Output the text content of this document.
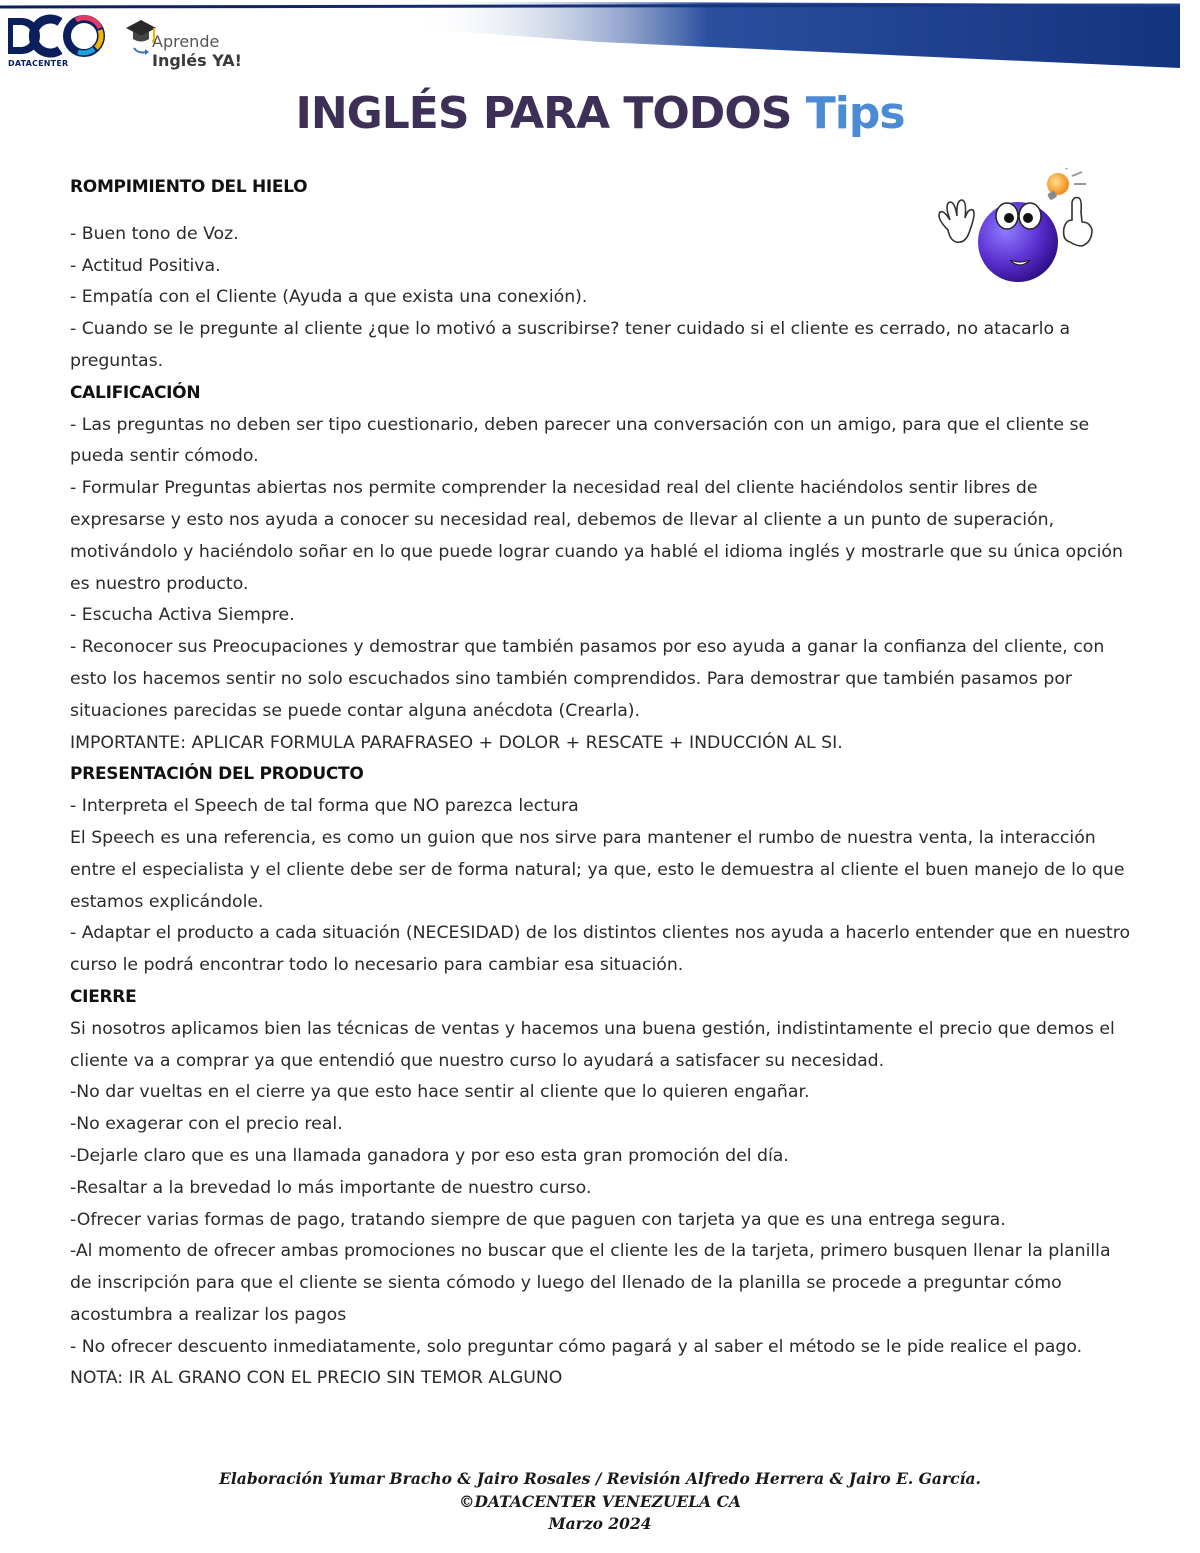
DATACENTER
Aprende
Inglés YA!
INGLÉS PARA TODOS Tips

ROMPIMIENTO DEL HIELO

- Buen tono de Voz.

- Actitud Positiva.

- Empatía con el Cliente (Ayuda a que exista una conexión).

- Cuando se le pregunte al cliente ¿que lo motivó a suscribirse? tener cuidado si el cliente es cerrado, no atacarlo a preguntas.

CALIFICACIÓN

- Las preguntas no deben ser tipo cuestionario, deben parecer una conversación con un amigo, para que el cliente se pueda sentir cómodo.

- Formular Preguntas abiertas nos permite comprender la necesidad real del cliente haciéndolos sentir libres de expresarse y esto nos ayuda a conocer su necesidad real, debemos de llevar al cliente a un punto de superación, motivándolo y haciéndolo soñar en lo que puede lograr cuando ya hablé el idioma inglés y mostrarle que su única opción es nuestro producto.

- Escucha Activa Siempre.

- Reconocer sus Preocupaciones y demostrar que también pasamos por eso ayuda a ganar la confianza del cliente, con esto los hacemos sentir no solo escuchados sino también comprendidos. Para demostrar que también pasamos por situaciones parecidas se puede contar alguna anécdota (Crearla).

IMPORTANTE: APLICAR FORMULA PARAFRASEO + DOLOR + RESCATE + INDUCCIÓN AL SI.

PRESENTACIÓN DEL PRODUCTO

- Interpreta el Speech de tal forma que NO parezca lectura

El Speech es una referencia, es como un guion que nos sirve para mantener el rumbo de nuestra venta, la interacción entre el especialista y el cliente debe ser de forma natural; ya que, esto le demuestra al cliente el buen manejo de lo que estamos explicándole.

- Adaptar el producto a cada situación (NECESIDAD) de los distintos clientes nos ayuda a hacerlo entender que en nuestro curso le podrá encontrar todo lo necesario para cambiar esa situación.

CIERRE

Si nosotros aplicamos bien las técnicas de ventas y hacemos una buena gestión, indistintamente el precio que demos el cliente va a comprar ya que entendió que nuestro curso lo ayudará a satisfacer su necesidad.

-No dar vueltas en el cierre ya que esto hace sentir al cliente que lo quieren engañar.

-No exagerar con el precio real.

-Dejarle claro que es una llamada ganadora y por eso esta gran promoción del día.

-Resaltar a la brevedad lo más importante de nuestro curso.

-Ofrecer varias formas de pago, tratando siempre de que paguen con tarjeta ya que es una entrega segura.

-Al momento de ofrecer ambas promociones no buscar que el cliente les de la tarjeta, primero busquen llenar la planilla de inscripción para que el cliente se sienta cómodo y luego del llenado de la planilla se procede a preguntar cómo acostumbra a realizar los pagos

- No ofrecer descuento inmediatamente, solo preguntar cómo pagará y al saber el método se le pide realice el pago.

NOTA: IR AL GRANO CON EL PRECIO SIN TEMOR ALGUNO

Elaboración Yumar Bracho & Jairo Rosales / Revisión Alfredo Herrera & Jairo E. García.

©DATACENTER VENEZUELA CA

Marzo 2024
